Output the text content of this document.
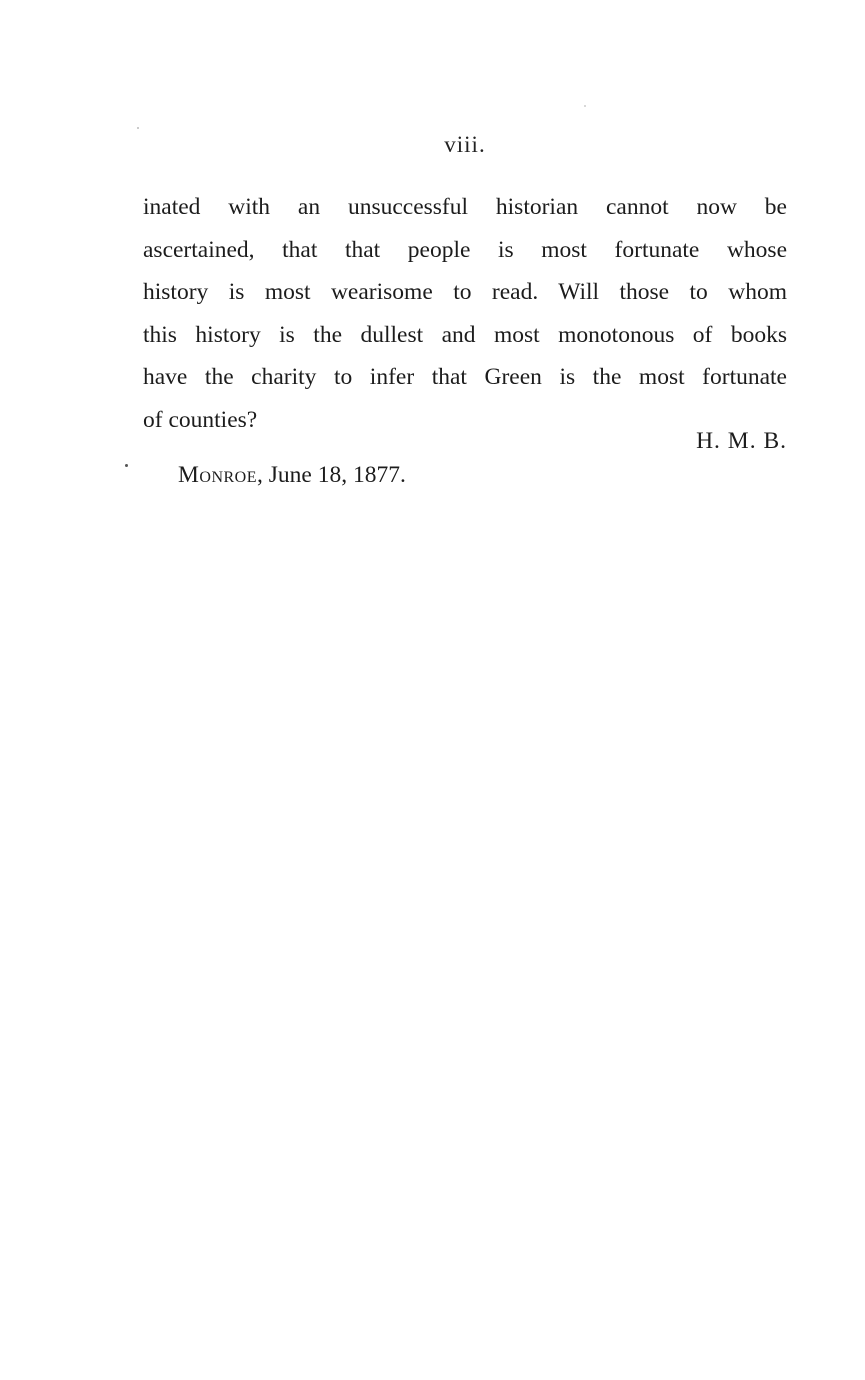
viii.
inated with an unsuccessful historian cannot now be
ascertained, that that people is most fortunate whose
history is most wearisome to read. Will those to whom
this history is the dullest and most monotonous of books
have the charity to infer that Green is the most fortunate
of counties?
H. M. B.
Monroe, June 18, 1877.
